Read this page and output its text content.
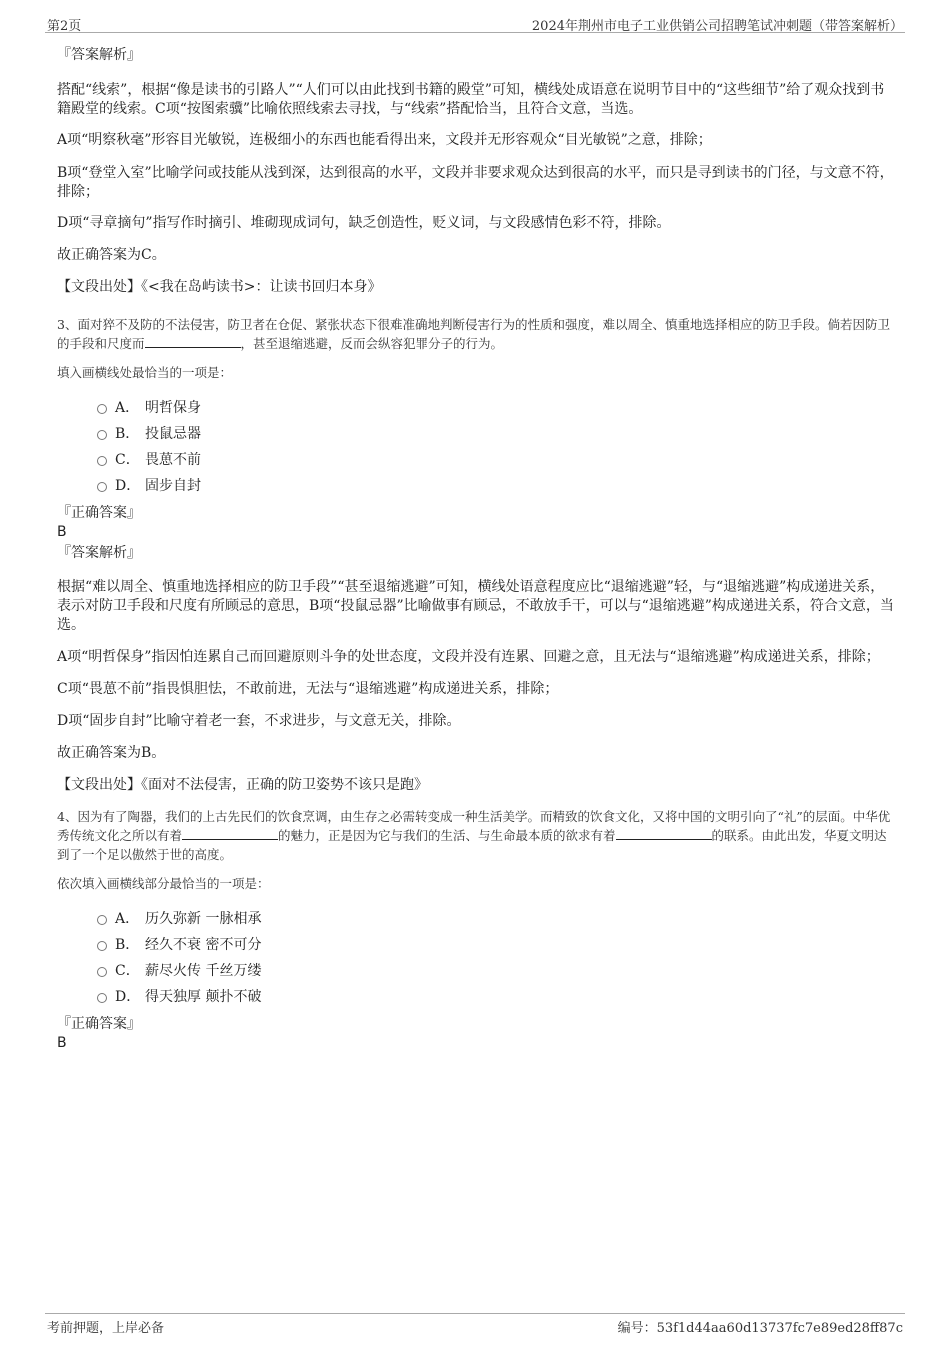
第2页	2024年荆州市电子工业供销公司招聘笔试冲刺题（带答案解析）

『答案解析』

搭配“线索”，根据“像是读书的引路人”“人们可以由此找到书籍的殿堂”可知，横线处成语意在说明节目中的“这些细节”给了观众找到书籍殿堂的线索。C项“按图索骥”比喻依照线索去寻找，与“线索”搭配恰当，且符合文意，当选。

A项“明察秋毫”形容目光敏锐，连极细小的东西也能看得出来，文段并无形容观众“目光敏锐”之意，排除；

B项“登堂入室”比喻学问或技能从浅到深，达到很高的水平，文段并非要求观众达到很高的水平，而只是寻到读书的门径，与文意不符，排除；

D项“寻章摘句”指写作时摘引、堆砌现成词句，缺乏创造性，贬义词，与文段感情色彩不符，排除。

故正确答案为C。

【文段出处】《<我在岛屿读书>：让读书回归本身》

3、面对猝不及防的不法侵害，防卫者在仓促、紧张状态下很难准确地判断侵害行为的性质和强度，难以周全、慎重地选择相应的防卫手段。倘若因防卫的手段和尺度而	，甚至退缩逃避，反而会纵容犯罪分子的行为。

填入画横线处最恰当的一项是：

A． 明哲保身
B． 投鼠忌器
C． 畏葸不前
D． 固步自封

『正确答案』

B

『答案解析』

根据“难以周全、慎重地选择相应的防卫手段”“甚至退缩逃避”可知，横线处语意程度应比“退缩逃避”轻，与“退缩逃避”构成递进关系，表示对防卫手段和尺度有所顾忌的意思，B项“投鼠忌器”比喻做事有顾忌，不敢放手干，可以与“退缩逃避”构成递进关系，符合文意，当选。

A项“明哲保身”指因怕连累自己而回避原则斗争的处世态度，文段并没有连累、回避之意，且无法与“退缩逃避”构成递进关系，排除；

C项“畏葸不前”指畏惧胆怯，不敢前进，无法与“退缩逃避”构成递进关系，排除；

D项“固步自封”比喻守着老一套，不求进步，与文意无关，排除。

故正确答案为B。

【文段出处】《面对不法侵害，正确的防卫姿势不该只是跑》

4、因为有了陶器，我们的上古先民们的饮食烹调，由生存之必需转变成一种生活美学。而精致的饮食文化，又将中国的文明引向了“礼”的层面。中华优秀传统文化之所以有着	的魅力，正是因为它与我们的生活、与生命最本质的欲求有着	的联系。由此出发，华夏文明达到了一个足以傲然于世的高度。

依次填入画横线部分最恰当的一项是：

A． 历久弥新 一脉相承
B． 经久不衰 密不可分
C． 薪尽火传 千丝万缕
D． 得天独厚 颠扑不破

『正确答案』

B

考前押题，上岸必备	编号：53f1d44aa60d13737fc7e89ed28ff87c
